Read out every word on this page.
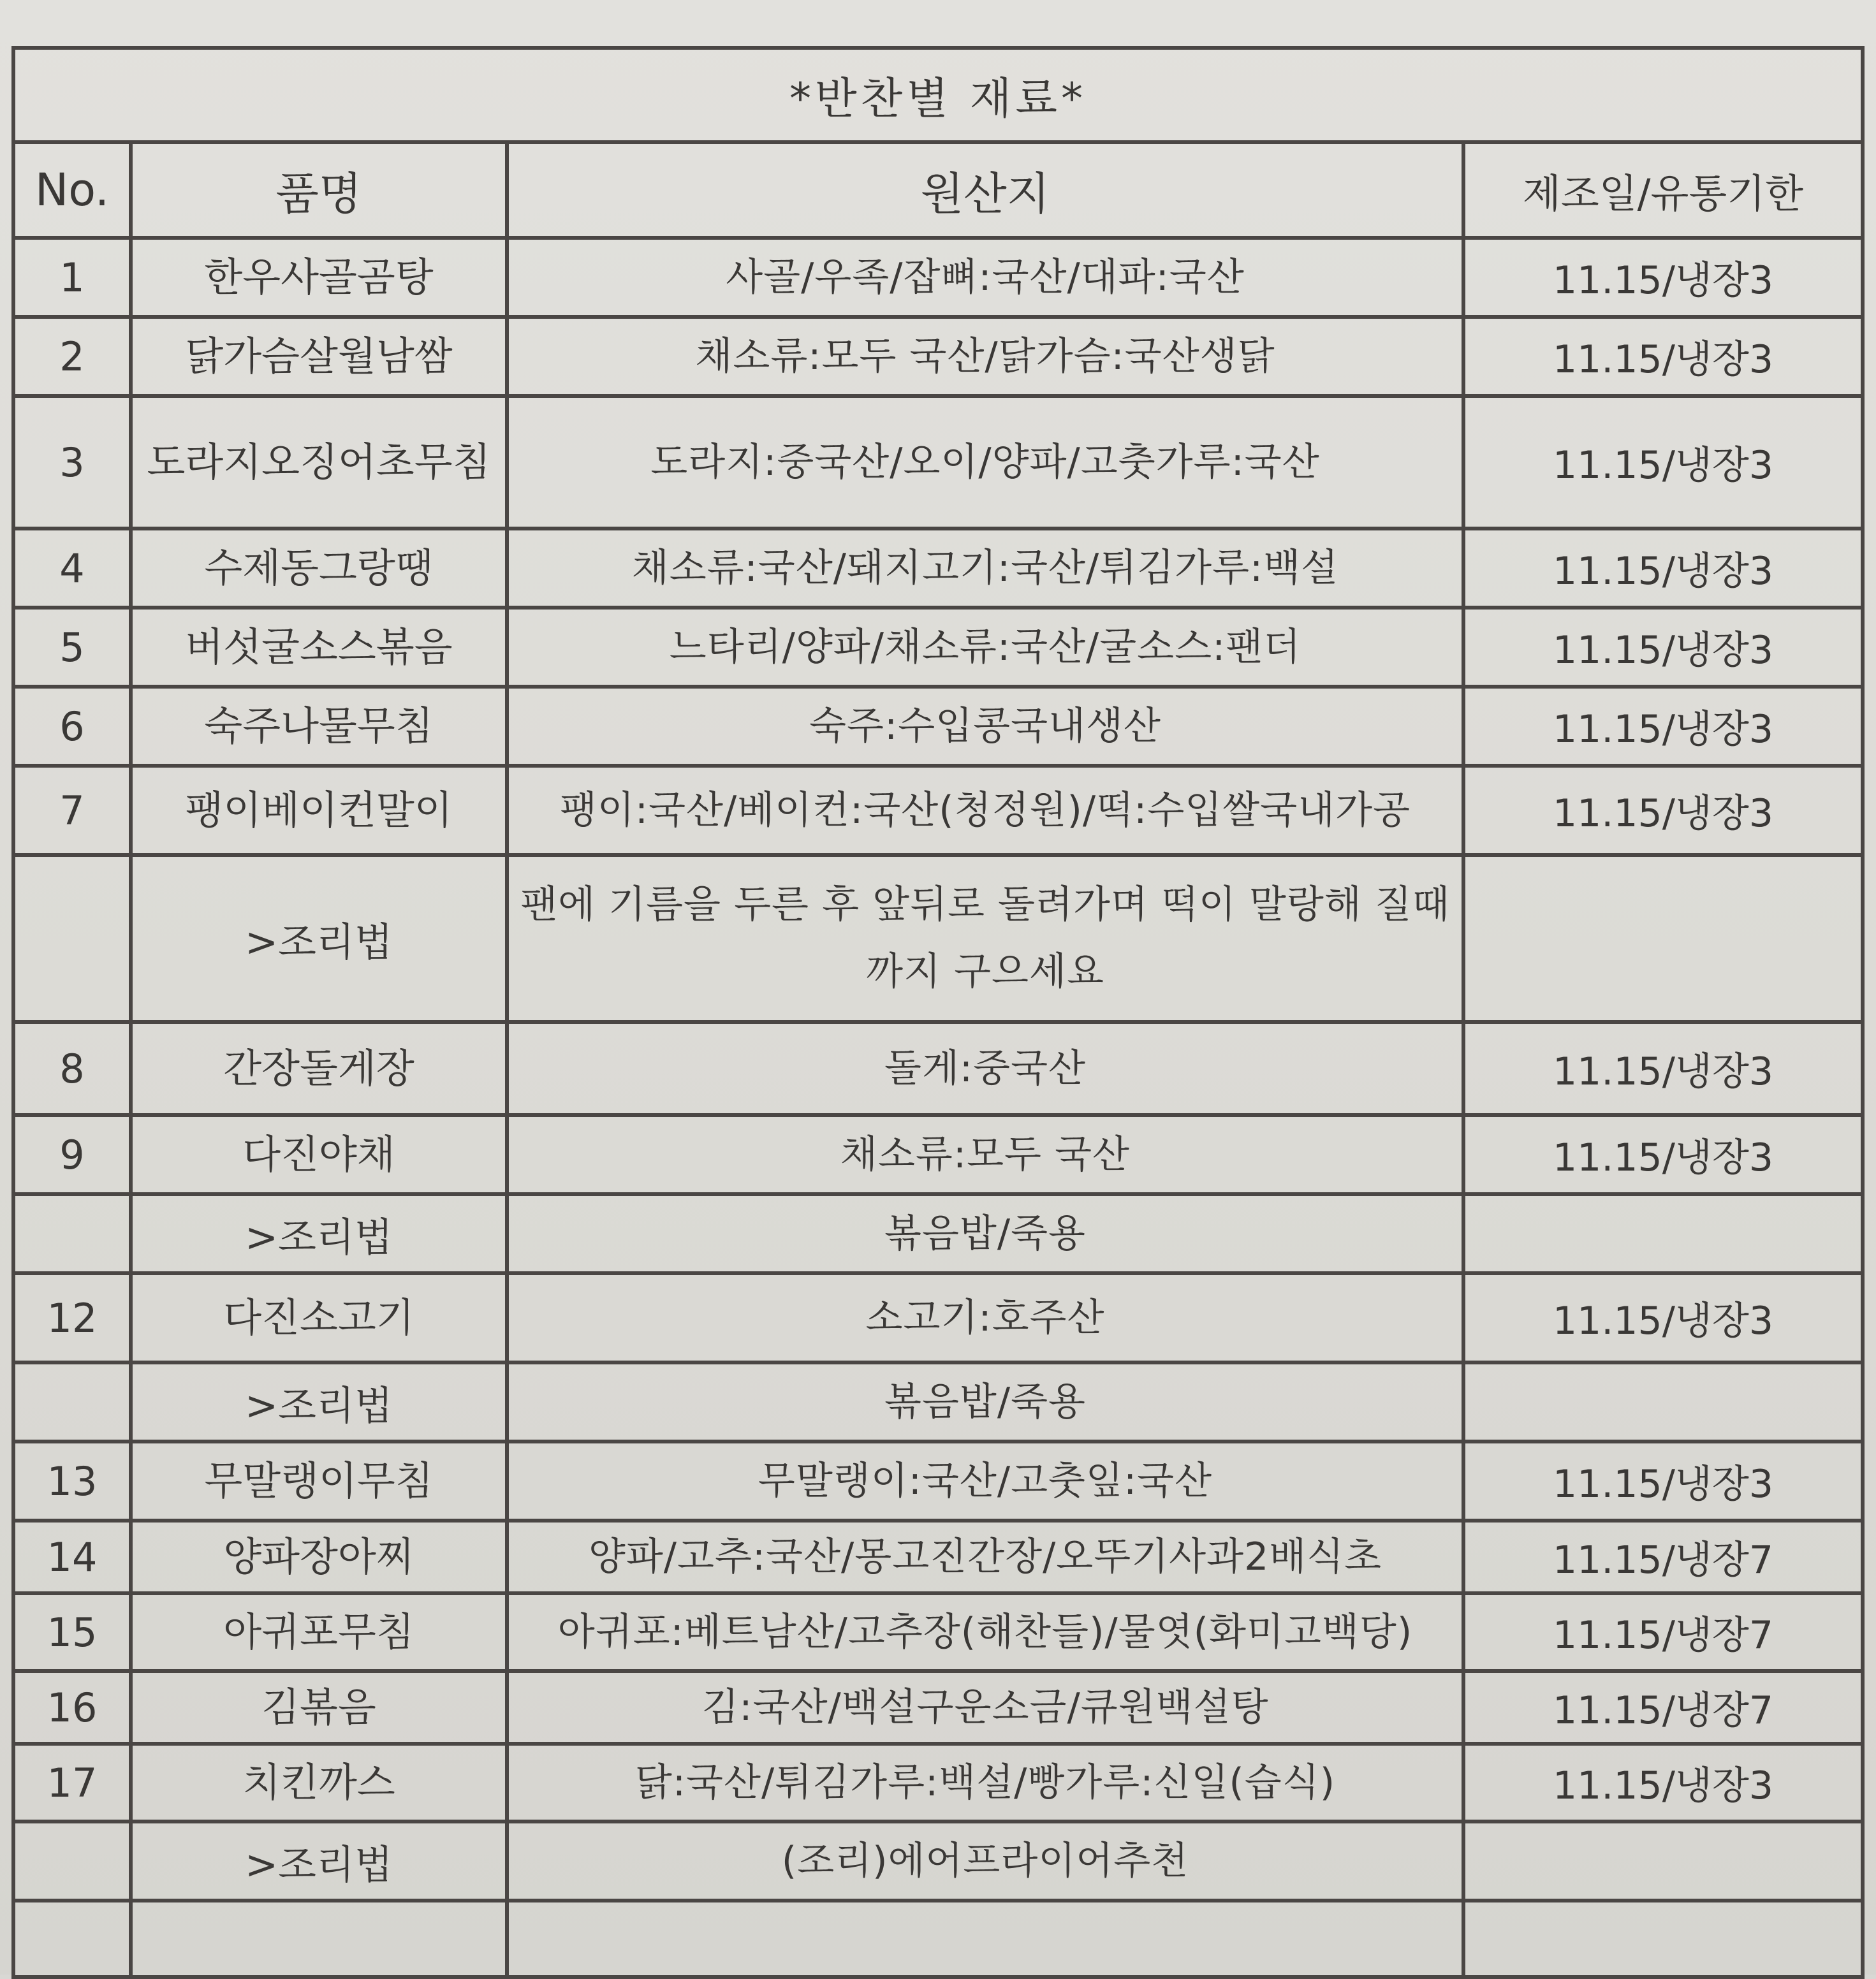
*반찬별 재료*			
No.	품명	원산지	제조일/유통기한
1	한우사골곰탕	사골/우족/잡뼈:국산/대파:국산	11.15/냉장3
2	닭가슴살월남쌈	채소류:모두 국산/닭가슴:국산생닭	11.15/냉장3
3	도라지오징어초무침	도라지:중국산/오이/양파/고춧가루:국산	11.15/냉장3
4	수제동그랑땡	채소류:국산/돼지고기:국산/튀김가루:백설	11.15/냉장3
5	버섯굴소스볶음	느타리/양파/채소류:국산/굴소스:팬더	11.15/냉장3
6	숙주나물무침	숙주:수입콩국내생산	11.15/냉장3
7	팽이베이컨말이	팽이:국산/베이컨:국산(청정원)/떡:수입쌀국내가공	11.15/냉장3
	>조리법	팬에 기름을 두른 후 앞뒤로 돌려가며 떡이 말랑해 질때까지 구으세요	
8	간장돌게장	돌게:중국산	11.15/냉장3
9	다진야채	채소류:모두 국산	11.15/냉장3
	>조리법	볶음밥/죽용	
12	다진소고기	소고기:호주산	11.15/냉장3
	>조리법	볶음밥/죽용	
13	무말랭이무침	무말랭이:국산/고춧잎:국산	11.15/냉장3
14	양파장아찌	양파/고추:국산/몽고진간장/오뚜기사과2배식초	11.15/냉장7
15	아귀포무침	아귀포:베트남산/고추장(해찬들)/물엿(화미고백당)	11.15/냉장7
16	김볶음	김:국산/백설구운소금/큐원백설탕	11.15/냉장7
17	치킨까스	닭:국산/튀김가루:백설/빵가루:신일(습식)	11.15/냉장3
	>조리법	(조리)에어프라이어추천	
